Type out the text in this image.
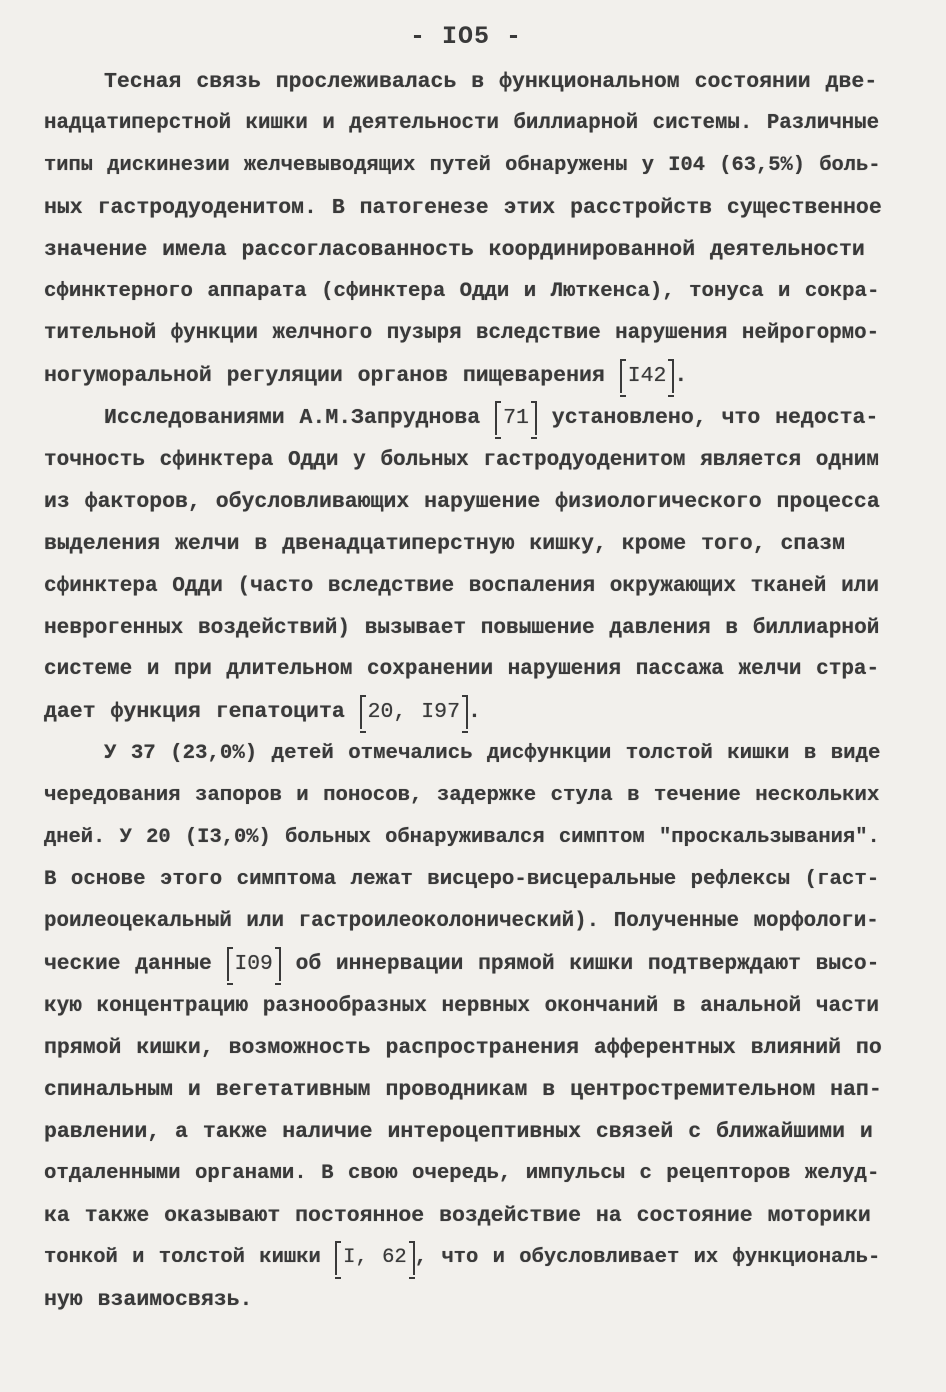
- IO5 -

Тесная связь прослеживалась в функциональном состоянии две-
надцатиперстной кишки и деятельности биллиарной системы. Различные
типы дискинезии желчевыводящих путей обнаружены у I04 (63,5%) боль-
ных гастродуоденитом. В патогенезе этих расстройств существенное
значение имела рассогласованность координированной деятельности
сфинктерного аппарата (сфинктера Одди и Люткенса), тонуса и сокра-
тительной функции желчного пузыря вследствие нарушения нейрогормо-
ногуморальной регуляции органов пищеварения I42 .

Исследованиями А.М.Запруднова 71 установлено, что недоста-
точность сфинктера Одди у больных гастродуоденитом является одним
из факторов, обусловливающих нарушение физиологического процесса
выделения желчи в двенадцатиперстную кишку, кроме того, спазм
сфинктера Одди (часто вследствие воспаления окружающих тканей или
неврогенных воздействий) вызывает повышение давления в биллиарной
системе и при длительном сохранении нарушения пассажа желчи стра-
дает функция гепатоцита 20, I97 .

У 37 (23,0%) детей отмечались дисфункции толстой кишки в виде
чередования запоров и поносов, задержке стула в течение нескольких
дней. У 20 (I3,0%) больных обнаруживался симптом "проскальзывания".
В основе этого симптома лежат висцеро-висцеральные рефлексы (гаст-
роилеоцекальный или гастроилеоколонический). Полученные морфологи-
ческие данные I09 об иннервации прямой кишки подтверждают высо-
кую концентрацию разнообразных нервных окончаний в анальной части
прямой кишки, возможность распространения афферентных влияний по
спинальным и вегетативным проводникам в центростремительном нап-
равлении, а также наличие интероцептивных связей с ближайшими и
отдаленными органами. В свою очередь, импульсы с рецепторов желуд-
ка также оказывают постоянное воздействие на состояние моторики
тонкой и толстой кишки I, 62 , что и обусловливает их функциональ-
ную взаимосвязь.
